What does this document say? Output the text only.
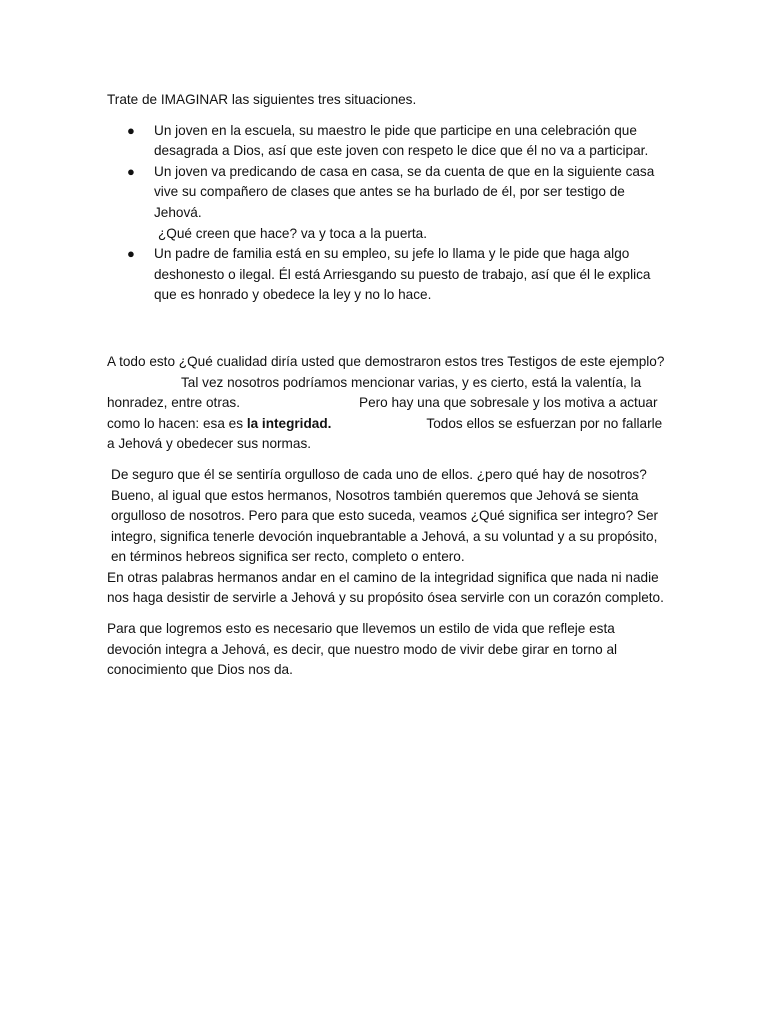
Trate de IMAGINAR las siguientes tres situaciones.

● Un joven en la escuela, su maestro le pide que participe en una celebración que desagrada a Dios, así que este joven con respeto le dice que él no va a participar.
● Un joven va predicando de casa en casa, se da cuenta de que en la siguiente casa vive su compañero de clases que antes se ha burlado de él, por ser testigo de Jehová.
¿Qué creen que hace? va y toca a la puerta.
● Un padre de familia está en su empleo, su jefe lo llama y le pide que haga algo deshonesto o ilegal. Él está Arriesgando su puesto de trabajo, así que él le explica que es honrado y obedece la ley y no lo hace.

A todo esto ¿Qué cualidad diría usted que demostraron estos tres Testigos de este ejemplo?Tal vez nosotros podríamos mencionar varias, y es cierto, está la valentía, la honradez, entre otras.	Pero hay una que sobresale y los motiva a actuar como lo hacen: esa es la integridad.	Todos ellos se esfuerzan por no fallarle a Jehová y obedecer sus normas.

De seguro que él se sentiría orgulloso de cada uno de ellos. ¿pero qué hay de nosotros? Bueno, al igual que estos hermanos, Nosotros también queremos que Jehová se sienta orgulloso de nosotros. Pero para que esto suceda, veamos ¿Qué significa ser integro? Ser integro, significa tenerle devoción inquebrantable a Jehová, a su voluntad y a su propósito, en términos hebreos significa ser recto, completo o entero.

En otras palabras hermanos andar en el camino de la integridad significa que nada ni nadie nos haga desistir de servirle a Jehová y su propósito ósea servirle con un corazón completo.

Para que logremos esto es necesario que llevemos un estilo de vida que refleje esta devoción integra a Jehová, es decir, que nuestro modo de vivir debe girar en torno al conocimiento que Dios nos da.
